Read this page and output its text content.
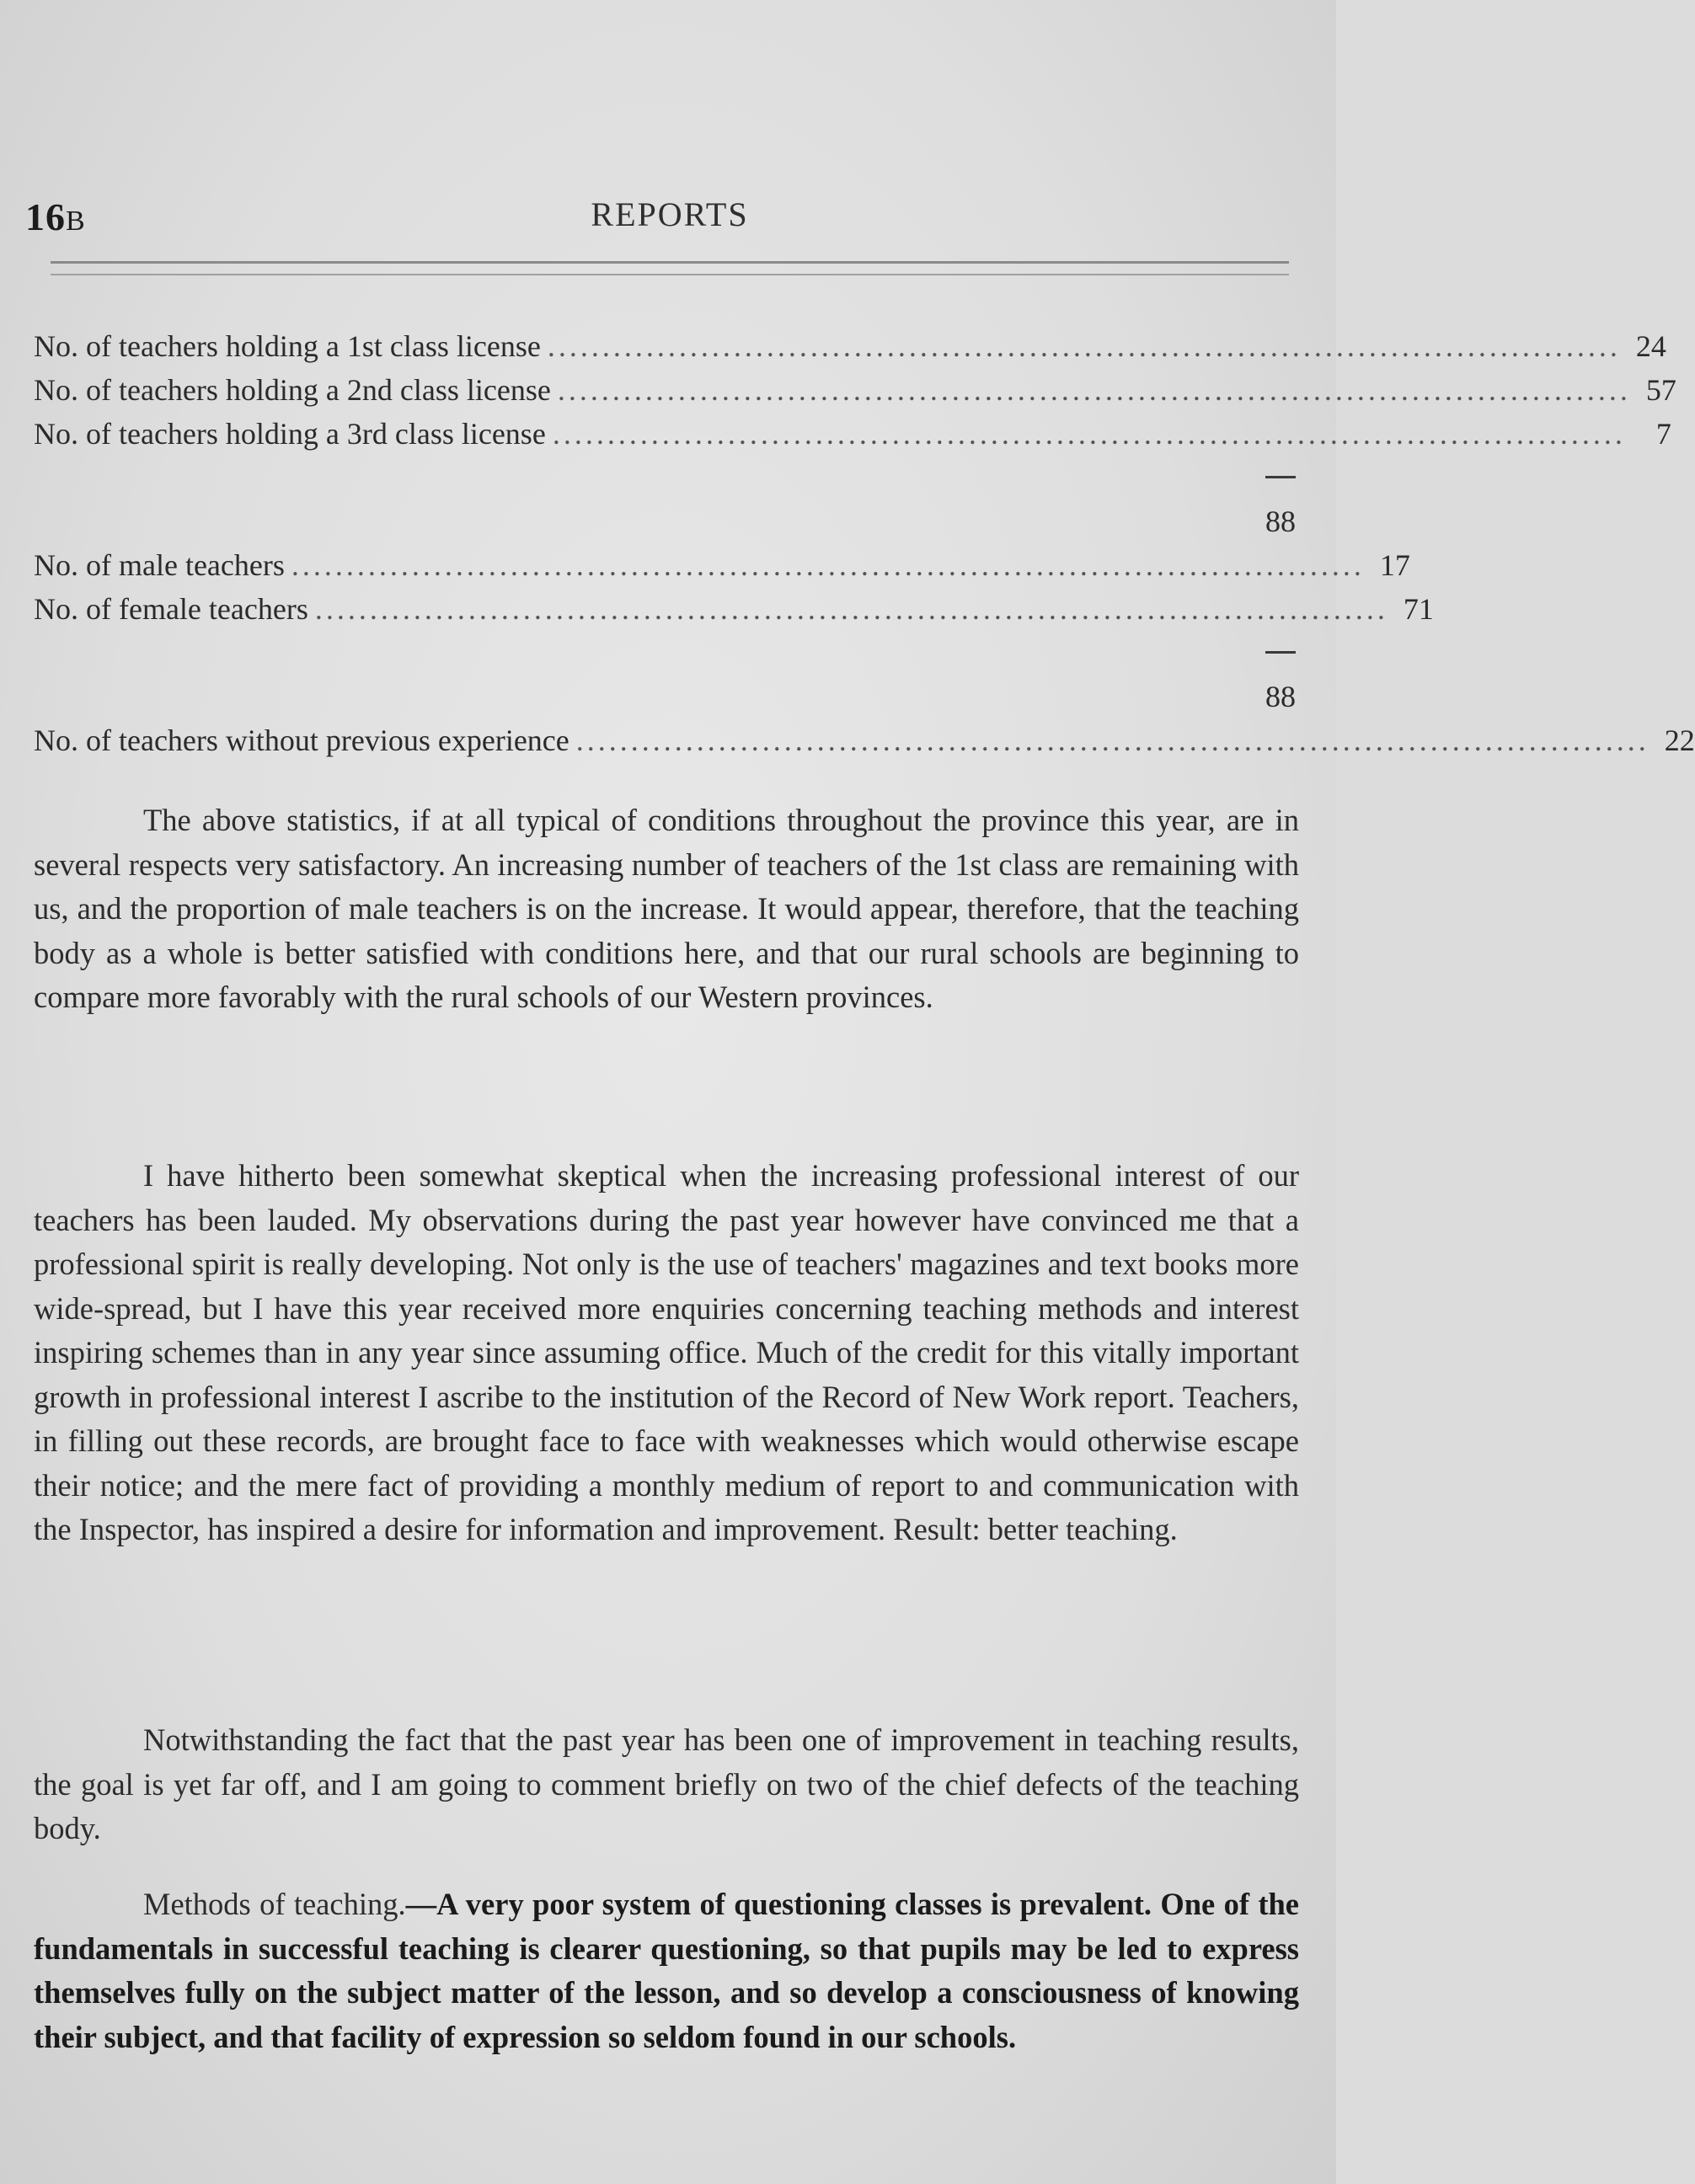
16B	REPORTS
No. of teachers holding a 1st class license .................................................................................................. 24
No. of teachers holding a 2nd class license .................................................................................................. 57
No. of teachers holding a 3rd class license ..................................................................................................	7
88
No. of male teachers .................................................................................................. 17
No. of female teachers .................................................................................................. 71
88
No. of teachers without previous experience .................................................................................................. 22

The above statistics, if at all typical of conditions throughout the province this year, are in several respects very satisfactory. An increasing number of teachers of the 1st class are remaining with us, and the proportion of male teachers is on the increase. It would appear, therefore, that the teaching body as a whole is better satisfied with conditions here, and that our rural schools are beginning to compare more favorably with the rural schools of our Western provinces.

I have hitherto been somewhat skeptical when the increasing professional interest of our teachers has been lauded. My observations during the past year however have convinced me that a professional spirit is really developing. Not only is the use of teachers' magazines and text books more wide-spread, but I have this year received more enquiries concerning teaching methods and interest inspiring schemes than in any year since assuming office. Much of the credit for this vitally important growth in professional interest I ascribe to the institution of the Record of New Work report. Teachers, in filling out these records, are brought face to face with weaknesses which would otherwise escape their notice; and the mere fact of providing a monthly medium of report to and communication with the Inspector, has inspired a desire for information and improvement. Result: better teaching.

Notwithstanding the fact that the past year has been one of improvement in teaching results, the goal is yet far off, and I am going to comment briefly on two of the chief defects of the teaching body.

Methods of teaching.—A very poor system of questioning classes is prevalent. One of the fundamentals in successful teaching is clearer questioning, so that pupils may be led to express themselves fully on the subject matter of the lesson, and so develop a consciousness of knowing their subject, and that facility of expression so seldom found in our schools.
